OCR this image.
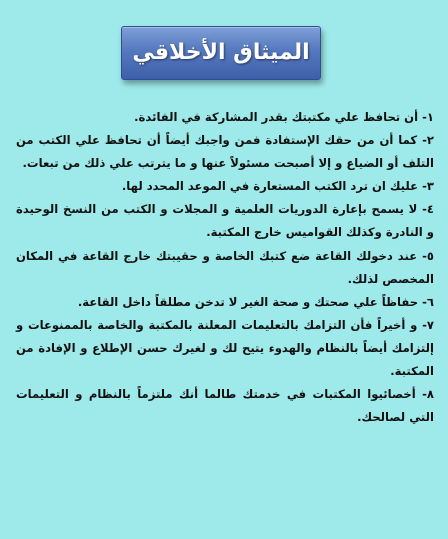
الميثاق الأخلاقي

١- أن تحافظ علي مكتبتك بقدر المشاركة في الفائدة.

٢- كما أن من حقك الإستفادة فمن واجبك أيضاً أن تحافظ علي الكتب من التلف أو الضياع و إلا أصبحت مسئولاً عنها و ما يترتب علي ذلك من تبعات.

٣- عليك ان ترد الكتب المستعارة في الموعد المحدد لها.

٤- لا يسمح بإعارة الدوريات العلمية و المجلات و الكتب من النسخ الوحيدة و النادرة وكذلك القواميس خارج المكتبة.

٥- عند دخولك القاعة ضع كتبك الخاصة و حقيبتك خارج القاعة في المكان المخصص لذلك.

٦- حفاظاً علي صحتك و صحة الغير لا تدخن مطلقاً داخل القاعة.

٧- و أخيراً فأن التزامك بالتعليمات المعلنة بالمكتبة والخاصة بالممنوعات و إلتزامك أيضاً بالنظام والهدوء يتيح لك و لغيرك حسن الإطلاع و الإفادة من المكتبة.

٨- أخصائيوا المكتبات في خدمتك طالما أنك ملتزماً بالنظام و التعليمات التي لصالحك.
